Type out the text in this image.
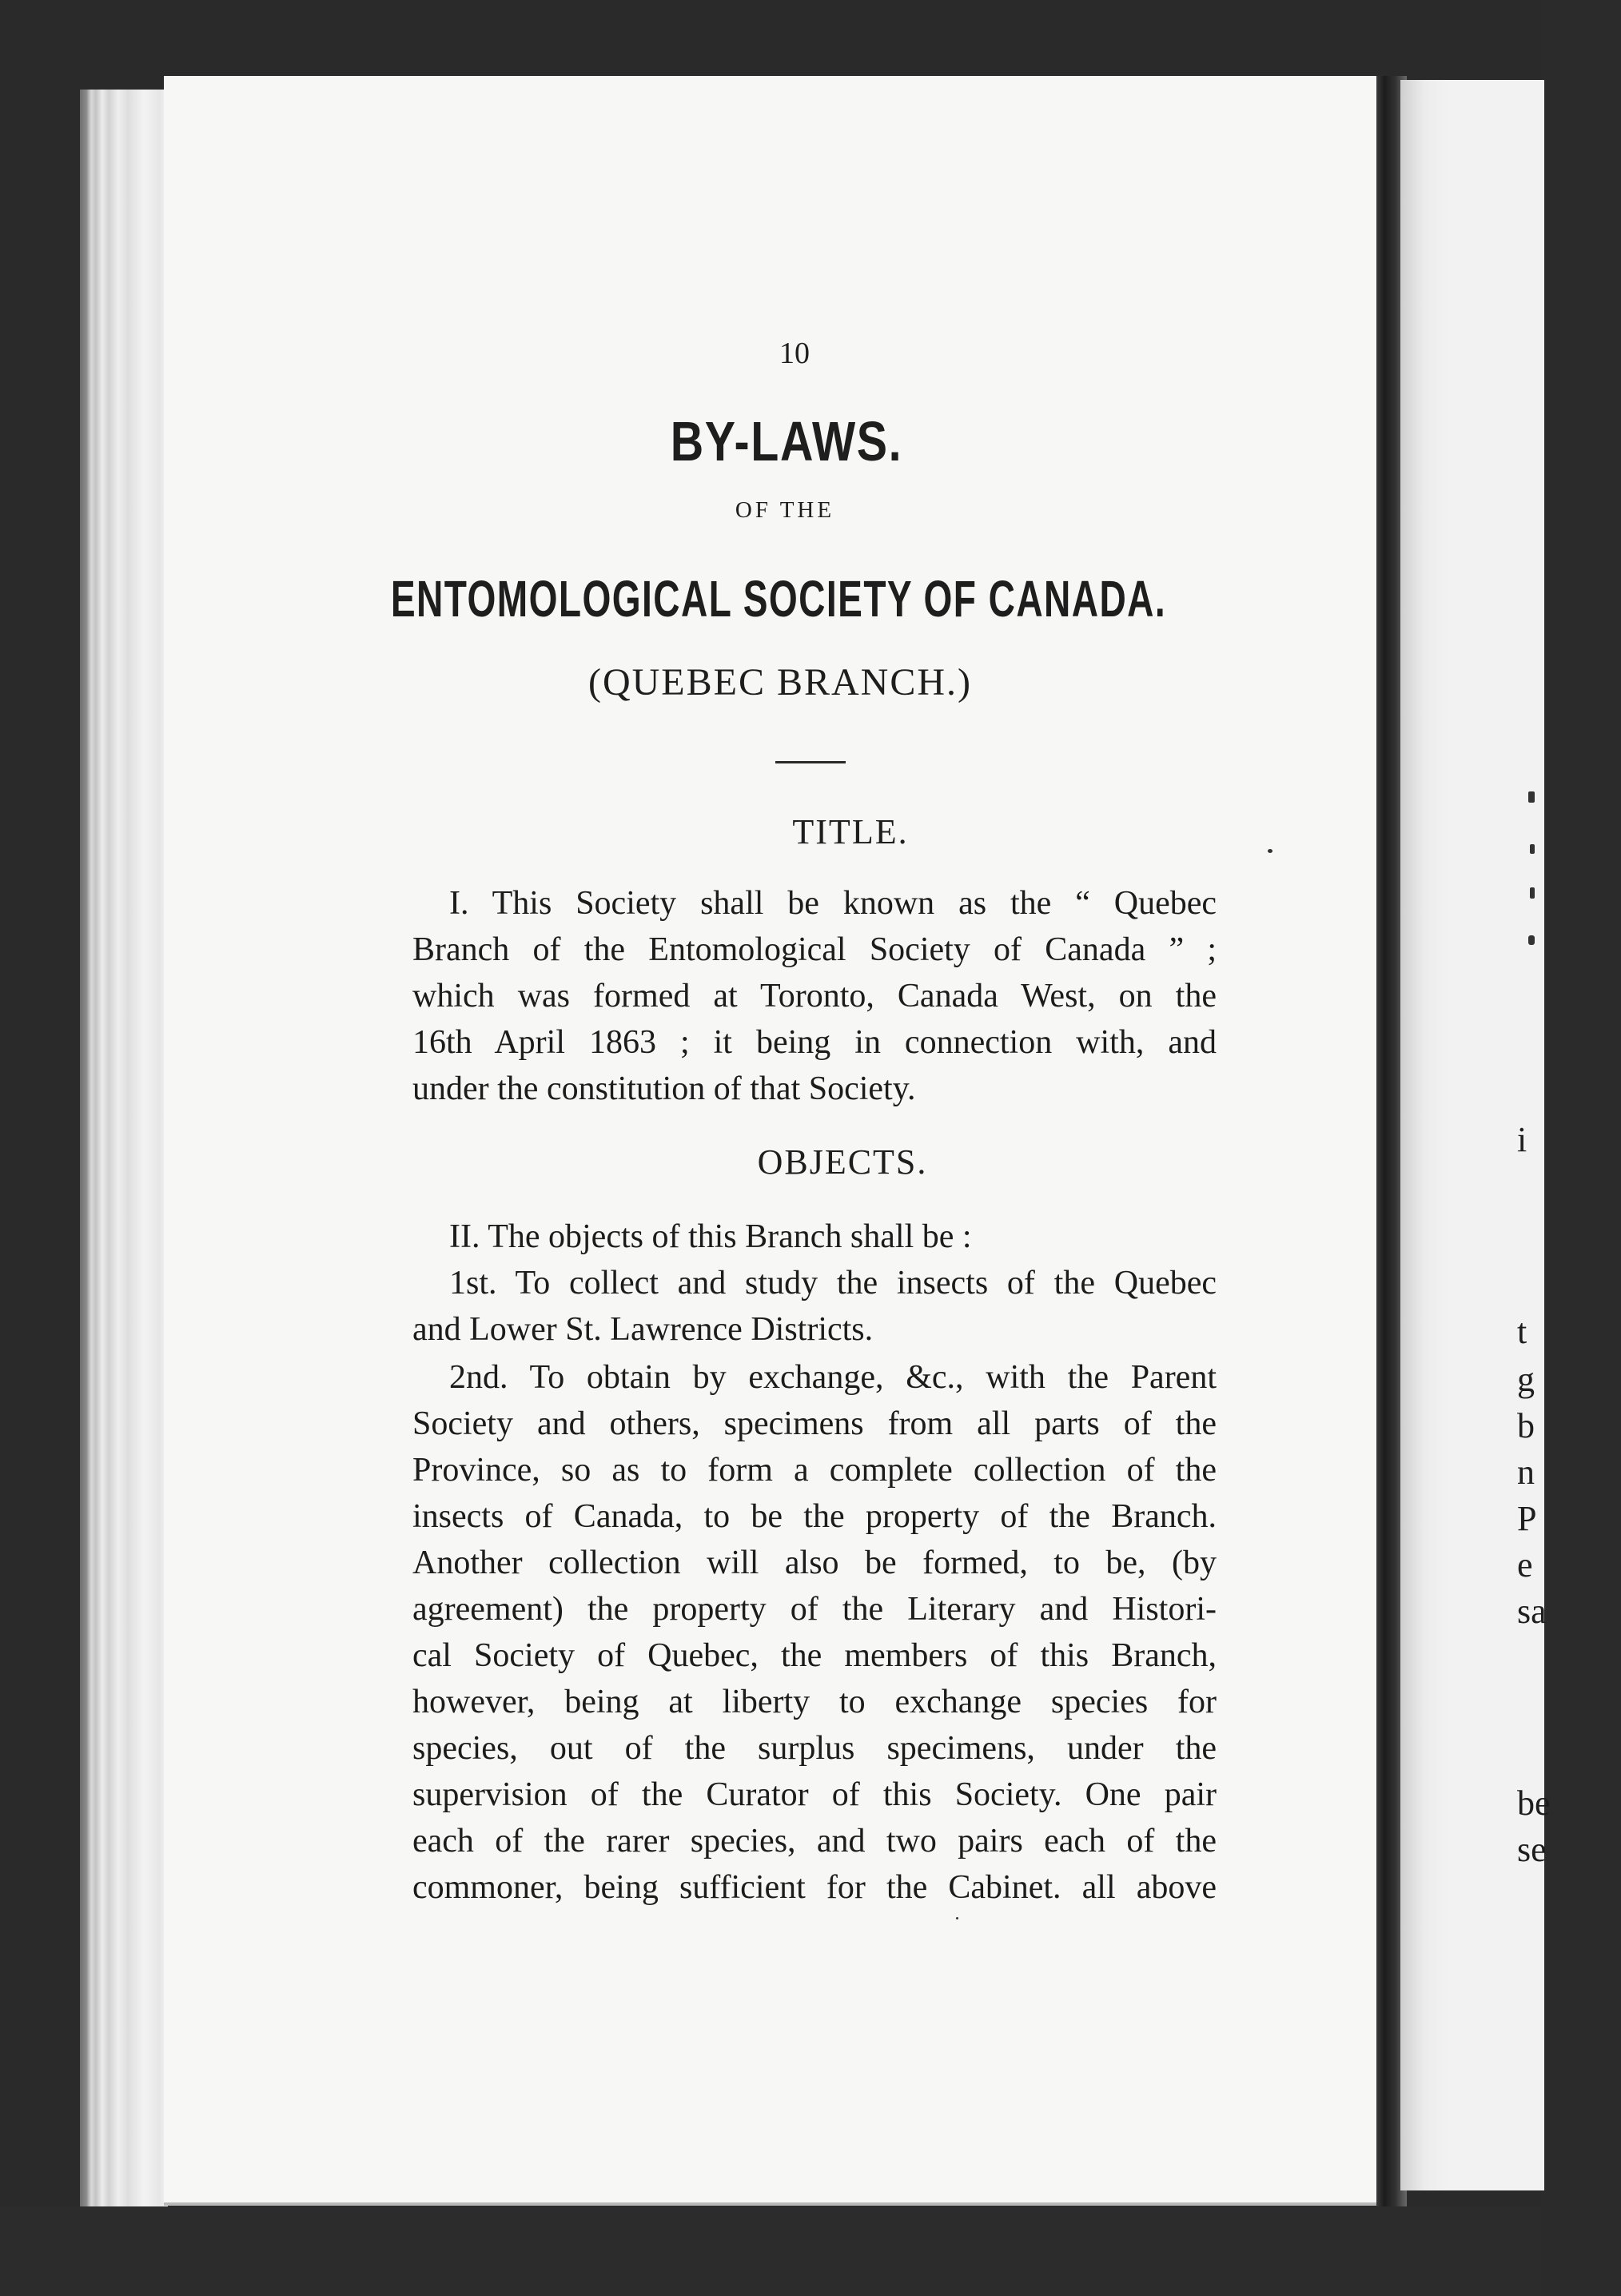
10

BY-LAWS.

OF THE

ENTOMOLOGICAL SOCIETY OF CANADA.

(QUEBEC BRANCH.)

TITLE.

I. This Society shall be known as the “ Quebec

Branch of the Entomological Society of Canada ” ;

which was formed at Toronto, Canada West, on the

16th April 1863 ; it being in connection with, and

under the constitution of that Society.

OBJECTS.

II. The objects of this Branch shall be :

1st. To collect and study the insects of the Quebec

and Lower St. Lawrence Districts.

2nd. To obtain by exchange, &c., with the Parent

Society and others, specimens from all parts of the

Province, so as to form a complete collection of the

insects of Canada, to be the property of the Branch.

Another collection will also be formed, to be, (by

agreement) the property of the Literary and Histori-

cal Society of Quebec, the members of this Branch,

however, being at liberty to exchange species for

species, out of the surplus specimens, under the

supervision of the Curator of this Society. One pair

each of the rarer species, and two pairs each of the

commoner, being sufficient for the Cabinet. all above

i
t
g
b
n
P
e
sa
be
se
